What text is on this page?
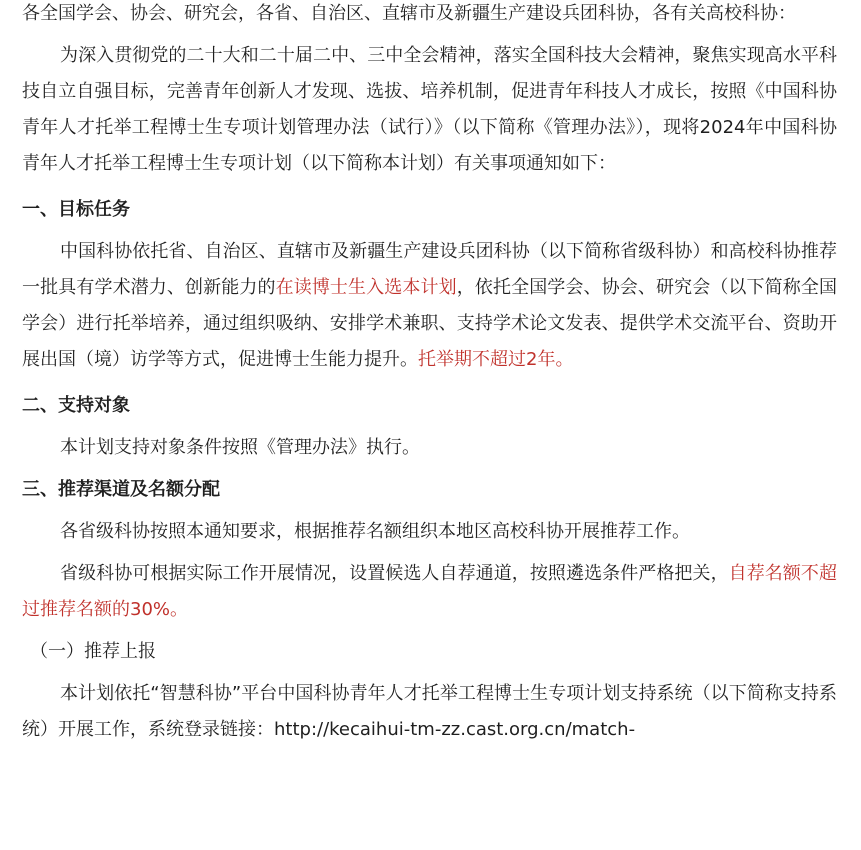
各全国学会、协会、研究会，各省、自治区、直辖市及新疆生产建设兵团科协，各有关高校科协：

为深入贯彻党的二十大和二十届二中、三中全会精神，落实全国科技大会精神，聚焦实现高水平科技自立自强目标，完善青年创新人才发现、选拔、培养机制，促进青年科技人才成长，按照《中国科协青年人才托举工程博士生专项计划管理办法（试行）》（以下简称《管理办法》），现将2024年中国科协青年人才托举工程博士生专项计划（以下简称本计划）有关事项通知如下：

一、目标任务

中国科协依托省、自治区、直辖市及新疆生产建设兵团科协（以下简称省级科协）和高校科协推荐一批具有学术潜力、创新能力的在读博士生入选本计划，依托全国学会、协会、研究会（以下简称全国学会）进行托举培养，通过组织吸纳、安排学术兼职、支持学术论文发表、提供学术交流平台、资助开展出国（境）访学等方式，促进博士生能力提升。托举期不超过2年。

二、支持对象

本计划支持对象条件按照《管理办法》执行。

三、推荐渠道及名额分配

各省级科协按照本通知要求，根据推荐名额组织本地区高校科协开展推荐工作。

省级科协可根据实际工作开展情况，设置候选人自荐通道，按照遴选条件严格把关，自荐名额不超过推荐名额的30%。

（一）推荐上报

本计划依托“智慧科协”平台中国科协青年人才托举工程博士生专项计划支持系统（以下简称支持系统）开展工作，系统登录链接：http://kecaihui-tm-zz.cast.org.cn/match-
